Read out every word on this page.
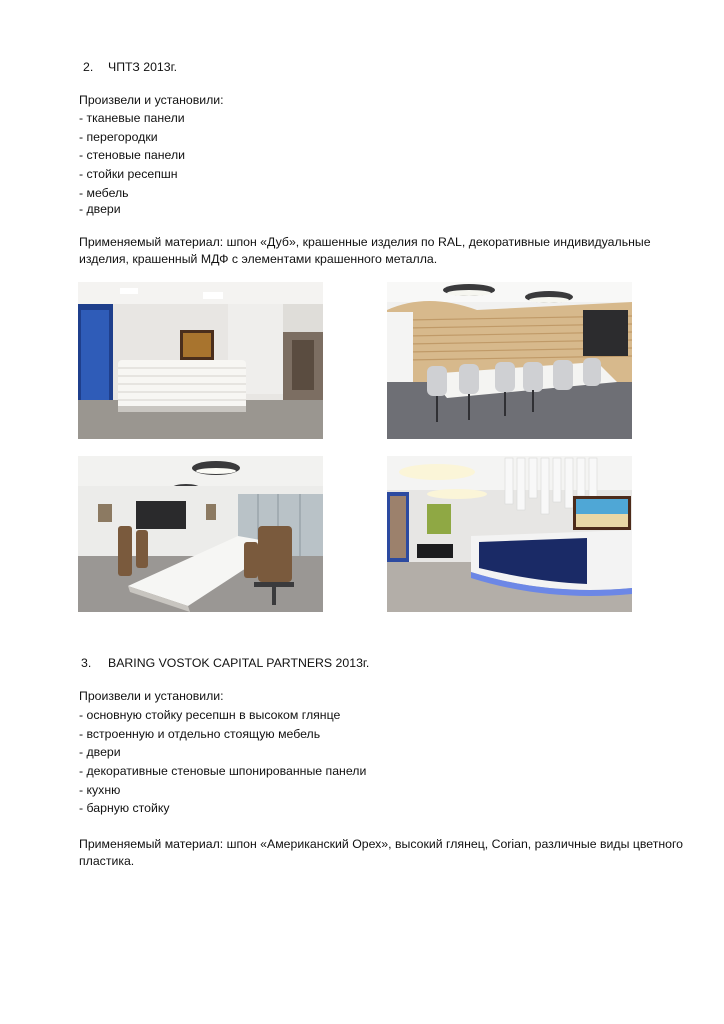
2. ЧПТЗ 2013г.
Произвели и установили:
- тканевые панели
- перегородки
- стеновые панели
- стойки ресепшн
- мебель
- двери
Применяемый материал: шпон «Дуб», крашенные изделия по RAL, декоративные индивидуальные изделия, крашенный МДФ с элементами крашенного металла.
3. BARING VOSTOK CAPITAL PARTNERS 2013г.
Произвели и установили:
- основную стойку ресепшн в высоком глянце
- встроенную и отдельно стоящую мебель
- двери
- декоративные стеновые шпонированные панели
- кухню
- барную стойку
Применяемый материал: шпон «Американский Орех», высокий глянец, Corian, различные виды цветного пластика.
